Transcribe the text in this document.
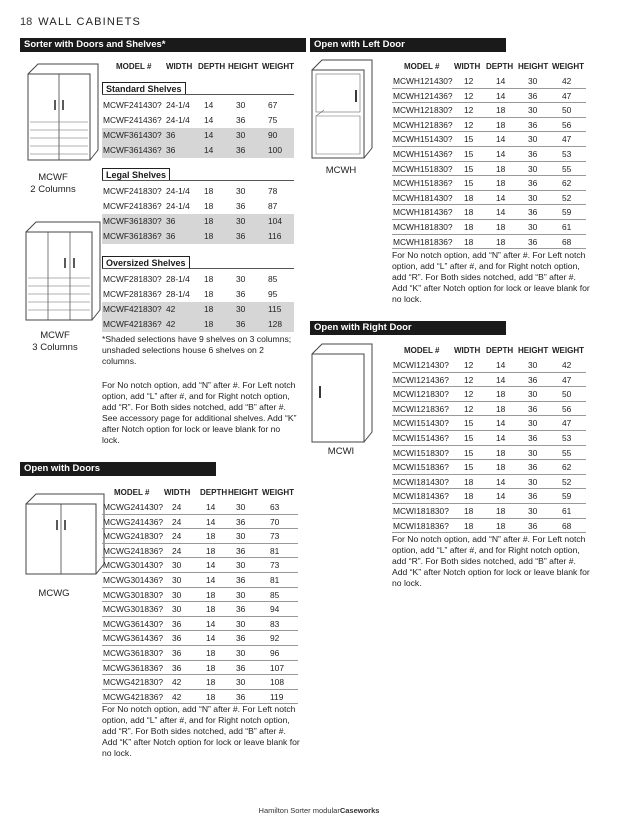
18 WALL CABINETS
Sorter with Doors and Shelves*
MCWF
2 Columns
MCWF
3 Columns
MODEL # WIDTH DEPTH HEIGHT WEIGHT
Standard Shelves
MCWF241430? 24-1/4 14	30	67
MCWF241436? 24-1/4 14	36	75
MCWF361430? 36	14	30	90
MCWF361436? 36	14	36	100
Legal Shelves
MCWF241830? 24-1/4 18	30	78
MCWF241836? 24-1/4 18	36	87
MCWF361830? 36	18	30	104
MCWF361836? 36	18	36	116
Oversized Shelves
MCWF281830? 28-1/4 18	30	85
MCWF281836? 28-1/4 18	36	95
MCWF421830? 42	18	30	115
MCWF421836? 42	18	36	128
*Shaded selections have 9 shelves on 3 columns; unshaded selections house 6 shelves on 2 columns.
For No notch option, add “N” after #. For Left notch option, add “L” after #, and for Right notch option, add “R”. For Both sides notched, add “B” after #. See accessory page for additional shelves. Add “K” after Notch option for lock or leave blank for no lock.
Open with Doors
MCWG
MODEL # WIDTH DEPTH HEIGHT WEIGHT
MCWG241430? 24	14 30	63
MCWG241436? 24	14 36	70
MCWG241830? 24	18 30	73
MCWG241836? 24	18 36	81
MCWG301430? 30	14 30	73
MCWG301436? 30	14 36	81
MCWG301830? 30	18 30	85
MCWG301836? 30	18 36	94
MCWG361430? 36	14 30	83
MCWG361436? 36	14 36	92
MCWG361830? 36	18 30	96
MCWG361836? 36	18 36	107
MCWG421830? 42	18 30	108
MCWG421836? 42	18 36	119
For No notch option, add “N” after #. For Left notch option, add “L” after #, and for Right notch option, add “R”. For Both sides notched, add “B” after #. Add “K” after Notch option for lock or leave blank for no lock.
Open with Left Door
MCWH
MODEL # WIDTH DEPTH HEIGHT WEIGHT
MCWH121430? 12	14	30	42
MCWH121436? 12	14	36	47
MCWH121830? 12	18	30	50
MCWH121836? 12	18	36	56
MCWH151430? 15	14	30	47
MCWH151436? 15	14	36	53
MCWH151830? 15	18	30	55
MCWH151836? 15	18	36	62
MCWH181430? 18	14	30	52
MCWH181436? 18	14	36	59
MCWH181830? 18	18	30	61
MCWH181836? 18	18	36	68
For No notch option, add “N” after #. For Left notch option, add “L” after #, and for Right notch option, add “R”. For Both sides notched, add “B” after #. Add “K” after Notch option for lock or leave blank for no lock.
Open with Right Door
MCWI
MODEL # WIDTH DEPTH HEIGHT WEIGHT
MCWI121430? 12	14	30	42
MCWI121436? 12	14	36	47
MCWI121830? 12	18	30	50
MCWI121836? 12	18	36	56
MCWI151430? 15	14	30	47
MCWI151436? 15	14	36	53
MCWI151830? 15	18	30	55
MCWI151836? 15	18	36	62
MCWI181430? 18	14	30	52
MCWI181436? 18	14	36	59
MCWI181830? 18	18	30	61
MCWI181836? 18	18	36	68
For No notch option, add “N” after #. For Left notch option, add “L” after #, and for Right notch option, add “R”. For Both sides notched, add “B” after #. Add “K” after Notch option for lock or leave blank for no lock.
Hamilton Sorter modularCaseworks
